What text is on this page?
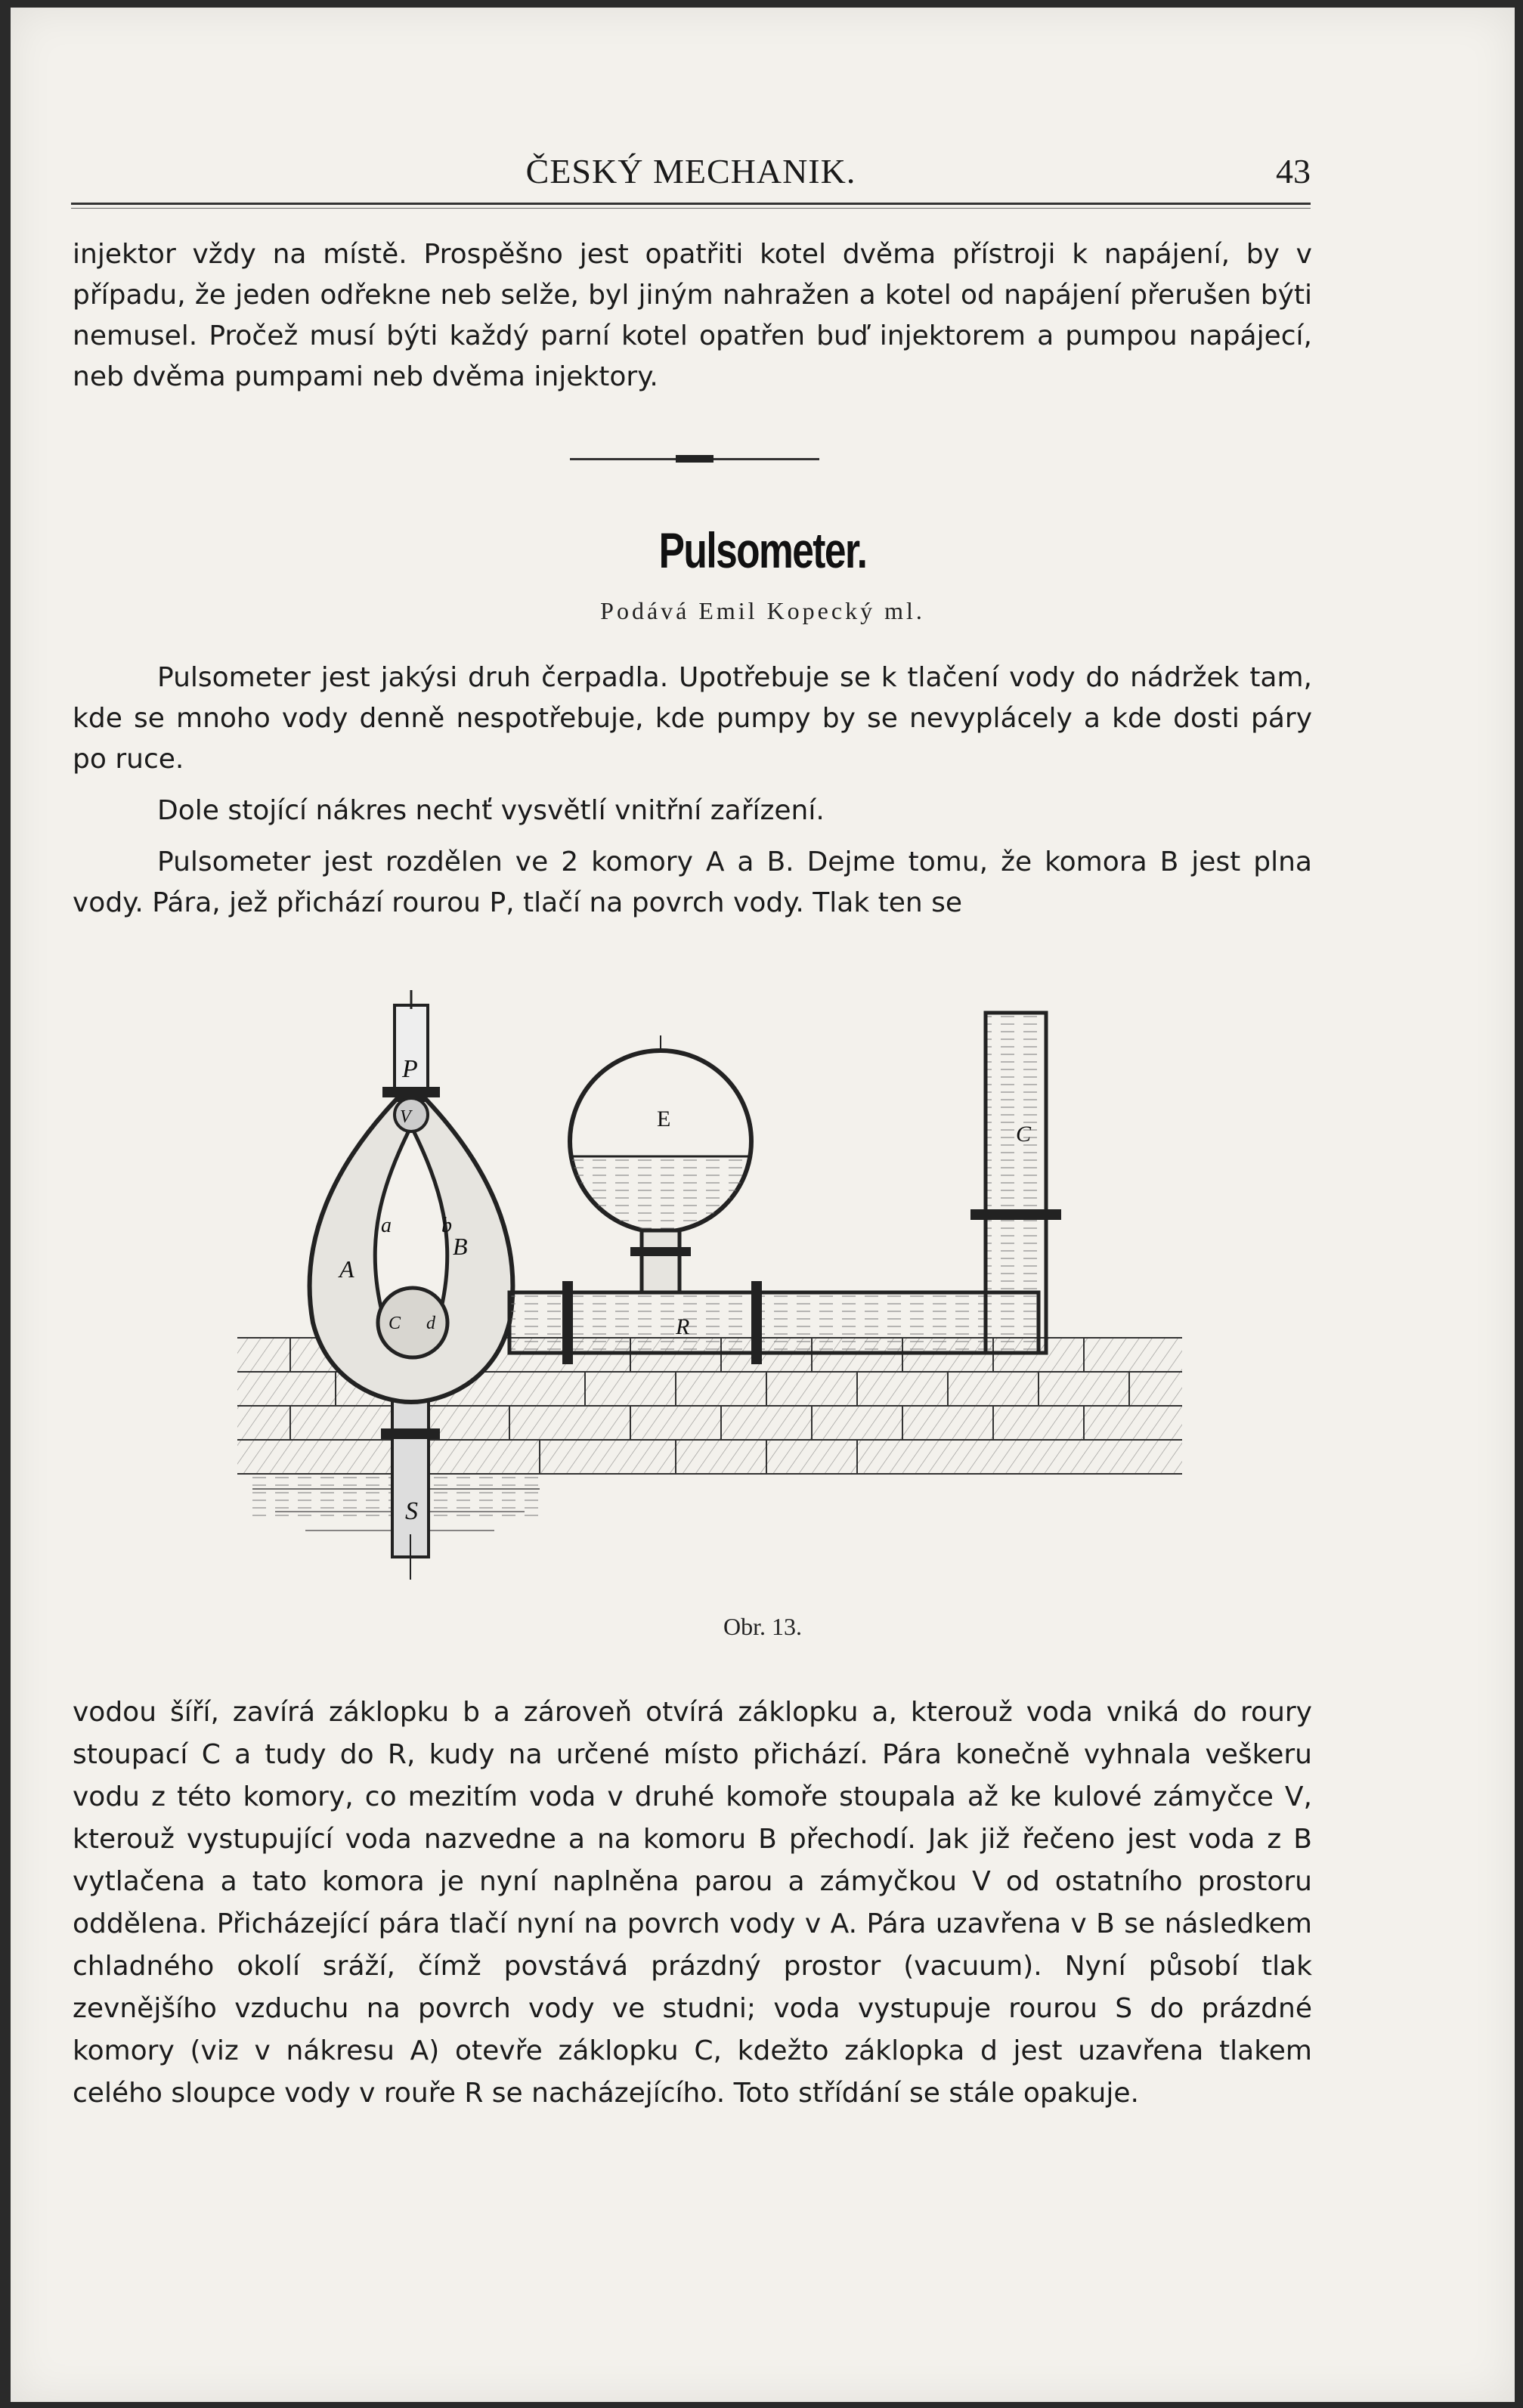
ČESKÝ MECHANIK.	43

injektor vždy na místě. Prospěšno jest opatřiti kotel dvěma přístroji k napájení, by v případu, že jeden odřekne neb selže, byl jiným nahražen a kotel od napájení přerušen býti nemusel. Pročež musí býti každý parní kotel opatřen buď injektorem a pumpou napájecí, neb dvěma pumpami neb dvěma injektory.

Pulsometer.
Podává Emil Kopecký ml.

Pulsometer jest jakýsi druh čerpadla. Upotřebuje se k tlačení vody do nádržek tam, kde se mnoho vody denně nespotřebuje, kde pumpy by se nevyplácely a kde dosti páry po ruce.

Dole stojící nákres nechť vysvětlí vnitřní zařízení.

Pulsometer jest rozdělen ve 2 komory A a B. Dejme tomu, že komora B jest plna vody. Pára, jež přichází rourou P, tlačí na povrch vody. Tlak ten se

S
P
A
B
a b
V
C d	R
E
C
Obr. 13.

vodou šíří, zavírá záklopku b a zároveň otvírá záklopku a, kterouž voda vniká do roury stoupací C a tudy do R, kudy na určené místo přichází. Pára konečně vyhnala veškeru vodu z této komory, co mezitím voda v druhé komoře stoupala až ke kulové zámyčce V, kterouž vystupující voda nazvedne a na komoru B přechodí. Jak již řečeno jest voda z B vytlačena a tato komora je nyní naplněna parou a zámyčkou V od ostatního prostoru oddělena. Přicházející pára tlačí nyní na povrch vody v A. Pára uzavřena v B se následkem chladného okolí sráží, čímž povstává prázdný prostor (vacuum). Nyní působí tlak zevnějšího vzduchu na povrch vody ve studni; voda vystupuje rourou S do prázdné komory (viz v nákresu A) otevře záklopku C, kdežto záklopka d jest uzavřena tlakem celého sloupce vody v rouře R se nacházejícího. Toto střídání se stále opakuje.
